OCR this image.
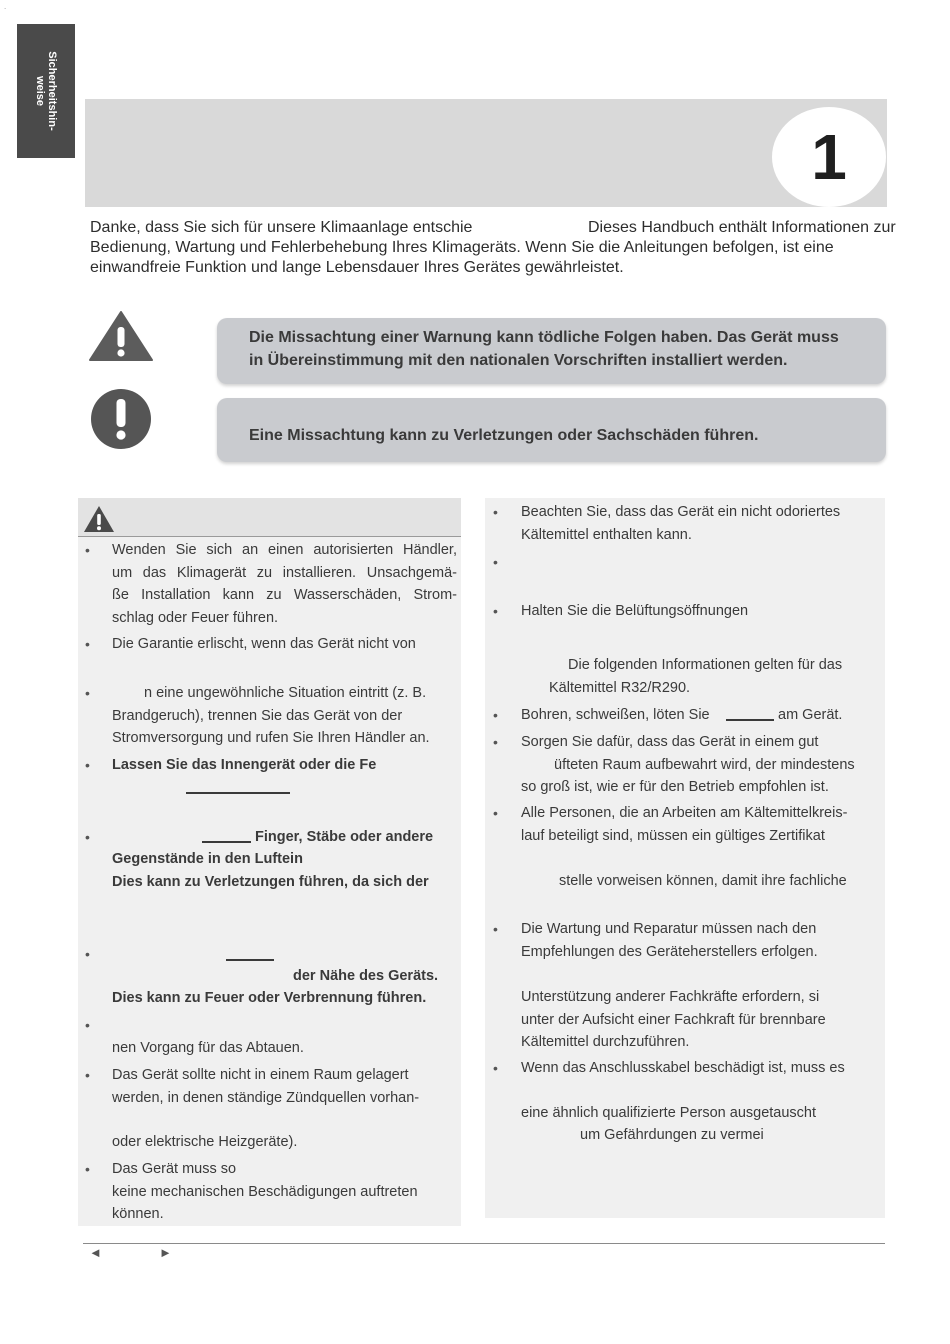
.
Sicherheitshin-
weise
1
Danke, dass Sie sich für unsere Klimaanlage entschie	Dieses Handbuch enthält Informationen zur
Bedienung, Wartung und Fehlerbehebung Ihres Klimageräts. Wenn Sie die Anleitungen befolgen, ist eine
einwandfreie Funktion und lange Lebensdauer Ihres Gerätes gewährleistet.
Die Missachtung einer Warnung kann tödliche Folgen haben. Das Gerät muss
in Übereinstimmung mit den nationalen Vorschriften installiert werden.
Eine Missachtung kann zu Verletzungen oder Sachschäden führen.
• Wenden Sie sich an einen autorisierten Händler,
um das Klimagerät zu installieren. Unsachgemä-
ße Installation kann zu Wasserschäden, Strom-
schlag oder Feuer führen.
• Die Garantie erlischt, wenn das Gerät nicht von
•	n eine ungewöhnliche Situation eintritt (z. B.
Brandgeruch), trennen Sie das Gerät von der
Stromversorgung und rufen Sie Ihren Händler an.
• Lassen Sie das Innengerät oder die Fe
•	Finger, Stäbe oder andere
Gegenstände in den Luftein
Dies kann zu Verletzungen führen, da sich der
•
der Nähe des Geräts.
Dies kann zu Feuer oder Verbrennung führen.
•
nen Vorgang für das Abtauen.
• Das Gerät sollte nicht in einem Raum gelagert
werden, in denen ständige Zündquellen vorhan-
oder elektrische Heizgeräte).
• Das Gerät muss so
keine mechanischen Beschädigungen auftreten
können.
• Beachten Sie, dass das Gerät ein nicht odoriertes
Kältemittel enthalten kann.
•
• Halten Sie die Belüftungsöffnungen
Die folgenden Informationen gelten für das
Kältemittel R32/R290.
• Bohren, schweißen, löten Sie	am Gerät.
• Sorgen Sie dafür, dass das Gerät in einem gut
üfteten Raum aufbewahrt wird, der mindestens
so groß ist, wie er für den Betrieb empfohlen ist.
• Alle Personen, die an Arbeiten am Kältemittelkreis-
lauf beteiligt sind, müssen ein gültiges Zertifikat
stelle vorweisen können, damit ihre fachliche
• Die Wartung und Reparatur müssen nach den
Empfehlungen des Geräteherstellers erfolgen.
Unterstützung anderer Fachkräfte erfordern, si
unter der Aufsicht einer Fachkraft für brennbare
Kältemittel durchzuführen.
• Wenn das Anschlusskabel beschädigt ist, muss es
eine ähnlich qualifizierte Person ausgetauscht
um Gefährdungen zu vermei
◄	►
